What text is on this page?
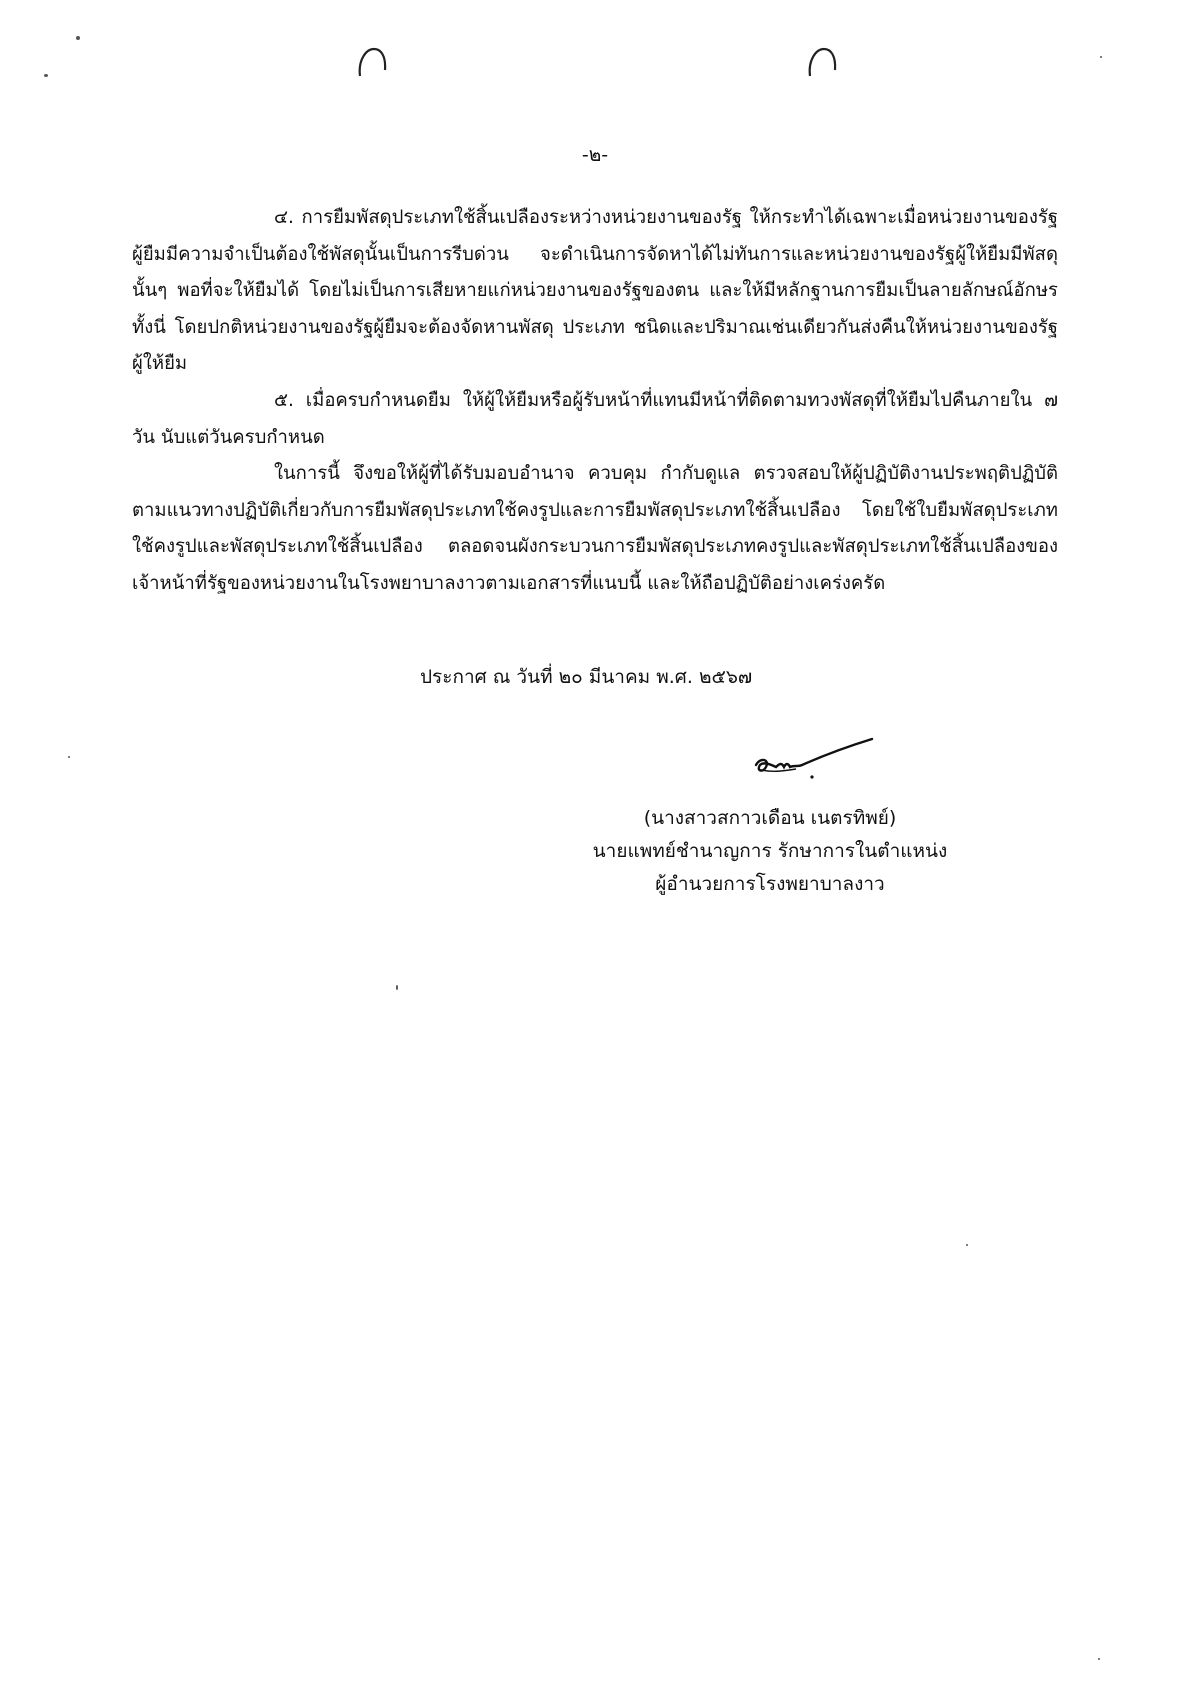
-๒-

๔. การยืมพัสดุประเภทใช้สิ้นเปลืองระหว่างหน่วยงานของรัฐ ให้กระทำได้เฉพาะเมื่อหน่วยงานของรัฐผู้ยืมมีความจำเป็นต้องใช้พัสดุนั้นเป็นการรีบด่วน จะดำเนินการจัดหาได้ไม่ทันการและหน่วยงานของรัฐผู้ให้ยืมมีพัสดุนั้นๆ พอที่จะให้ยืมได้ โดยไม่เป็นการเสียหายแก่หน่วยงานของรัฐของตน และให้มีหลักฐานการยืมเป็นลายลักษณ์อักษร ทั้งนี่ โดยปกติหน่วยงานของรัฐผู้ยืมจะต้องจัดหานพัสดุ ประเภท ชนิดและปริมาณเช่นเดียวกันส่งคืนให้หน่วยงานของรัฐผู้ให้ยืม

๕. เมื่อครบกำหนดยืม ให้ผู้ให้ยืมหรือผู้รับหน้าที่แทนมีหน้าที่ติดตามทวงพัสดุที่ให้ยืมไปคืนภายใน ๗ วัน นับแต่วันครบกำหนด

ในการนี้ จึงขอให้ผู้ที่ได้รับมอบอำนาจ ควบคุม กำกับดูแล ตรวจสอบให้ผู้ปฏิบัติงานประพฤติปฏิบัติตามแนวทางปฏิบัติเกี่ยวกับการยืมพัสดุประเภทใช้คงรูปและการยืมพัสดุประเภทใช้สิ้นเปลือง โดยใช้ใบยืมพัสดุประเภทใช้คงรูปและพัสดุประเภทใช้สิ้นเปลือง ตลอดจนผังกระบวนการยืมพัสดุประเภทคงรูปและพัสดุประเภทใช้สิ้นเปลืองของเจ้าหน้าที่รัฐของหน่วยงานในโรงพยาบาลงาวตามเอกสารที่แนบนี้ และให้ถือปฏิบัติอย่างเคร่งครัด

ประกาศ ณ วันที่ ๒๐ มีนาคม พ.ศ. ๒๕๖๗
(นางสาวสกาวเดือน เนตรทิพย์)
นายแพทย์ชำนาญการ รักษาการในตำแหน่ง
ผู้อำนวยการโรงพยาบาลงาว
